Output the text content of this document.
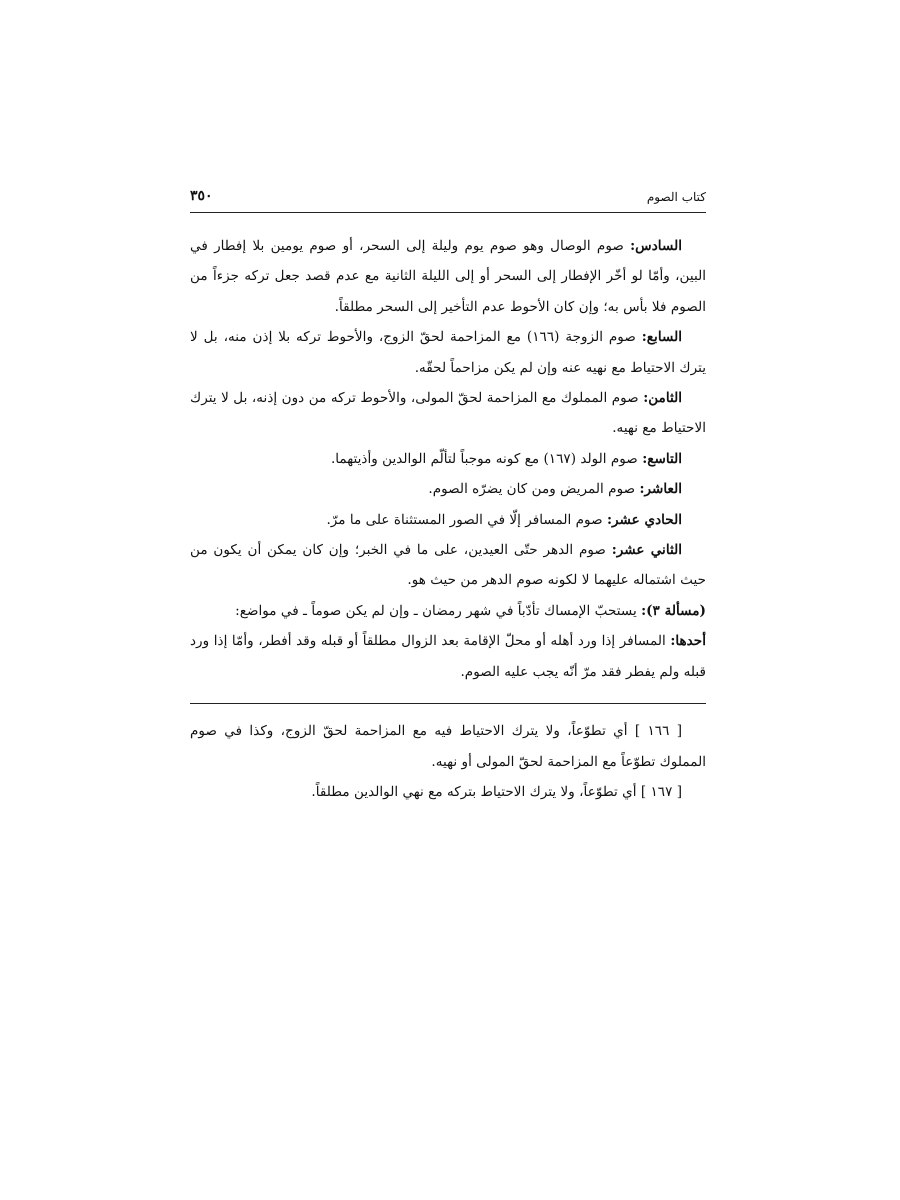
كتاب الصوم
٣٥٠

السادس: صوم الوصال وهو صوم يوم وليلة إلى السحر، أو صوم يومين بلا إفطار في البين، وأمّا لو أخّر الإفطار إلى السحر أو إلى الليلة الثانية مع عدم قصد جعل تركه جزءاً من الصوم فلا بأس به؛ وإن كان الأحوط عدم التأخير إلى السحر مطلقاً.

السابع: صوم الزوجة (١٦٦) مع المزاحمة لحقّ الزوج، والأحوط تركه بلا إذن منه، بل لا يترك الاحتياط مع نهيه عنه وإن لم يكن مزاحماً لحقّه.

الثامن: صوم المملوك مع المزاحمة لحقّ المولى، والأحوط تركه من دون إذنه، بل لا يترك الاحتياط مع نهيه.

التاسع: صوم الولد (١٦٧) مع كونه موجباً لتألّم الوالدين وأذيتهما.

العاشر: صوم المريض ومن كان يضرّه الصوم.

الحادي عشر: صوم المسافر إلّا في الصور المستثناة على ما مرّ.

الثاني عشر: صوم الدهر حتّى العيدين، على ما في الخبر؛ وإن كان يمكن أن يكون من حيث اشتماله عليهما لا لكونه صوم الدهر من حيث هو.

(مسألة ٣): يستحبّ الإمساك تأدّباً في شهر رمضان ـ وإن لم يكن صوماً ـ في مواضع:

أحدها: المسافر إذا ورد أهله أو محلّ الإقامة بعد الزوال مطلقاً أو قبله وقد أفطر، وأمّا إذا ورد قبله ولم يفطر فقد مرّ أنّه يجب عليه الصوم.

[ ١٦٦ ] أي تطوّعاً، ولا يترك الاحتياط فيه مع المزاحمة لحقّ الزوج، وكذا في صوم المملوك تطوّعاً مع المزاحمة لحقّ المولى أو نهيه.

[ ١٦٧ ] أي تطوّعاً، ولا يترك الاحتياط بتركه مع نهي الوالدين مطلقاً.
